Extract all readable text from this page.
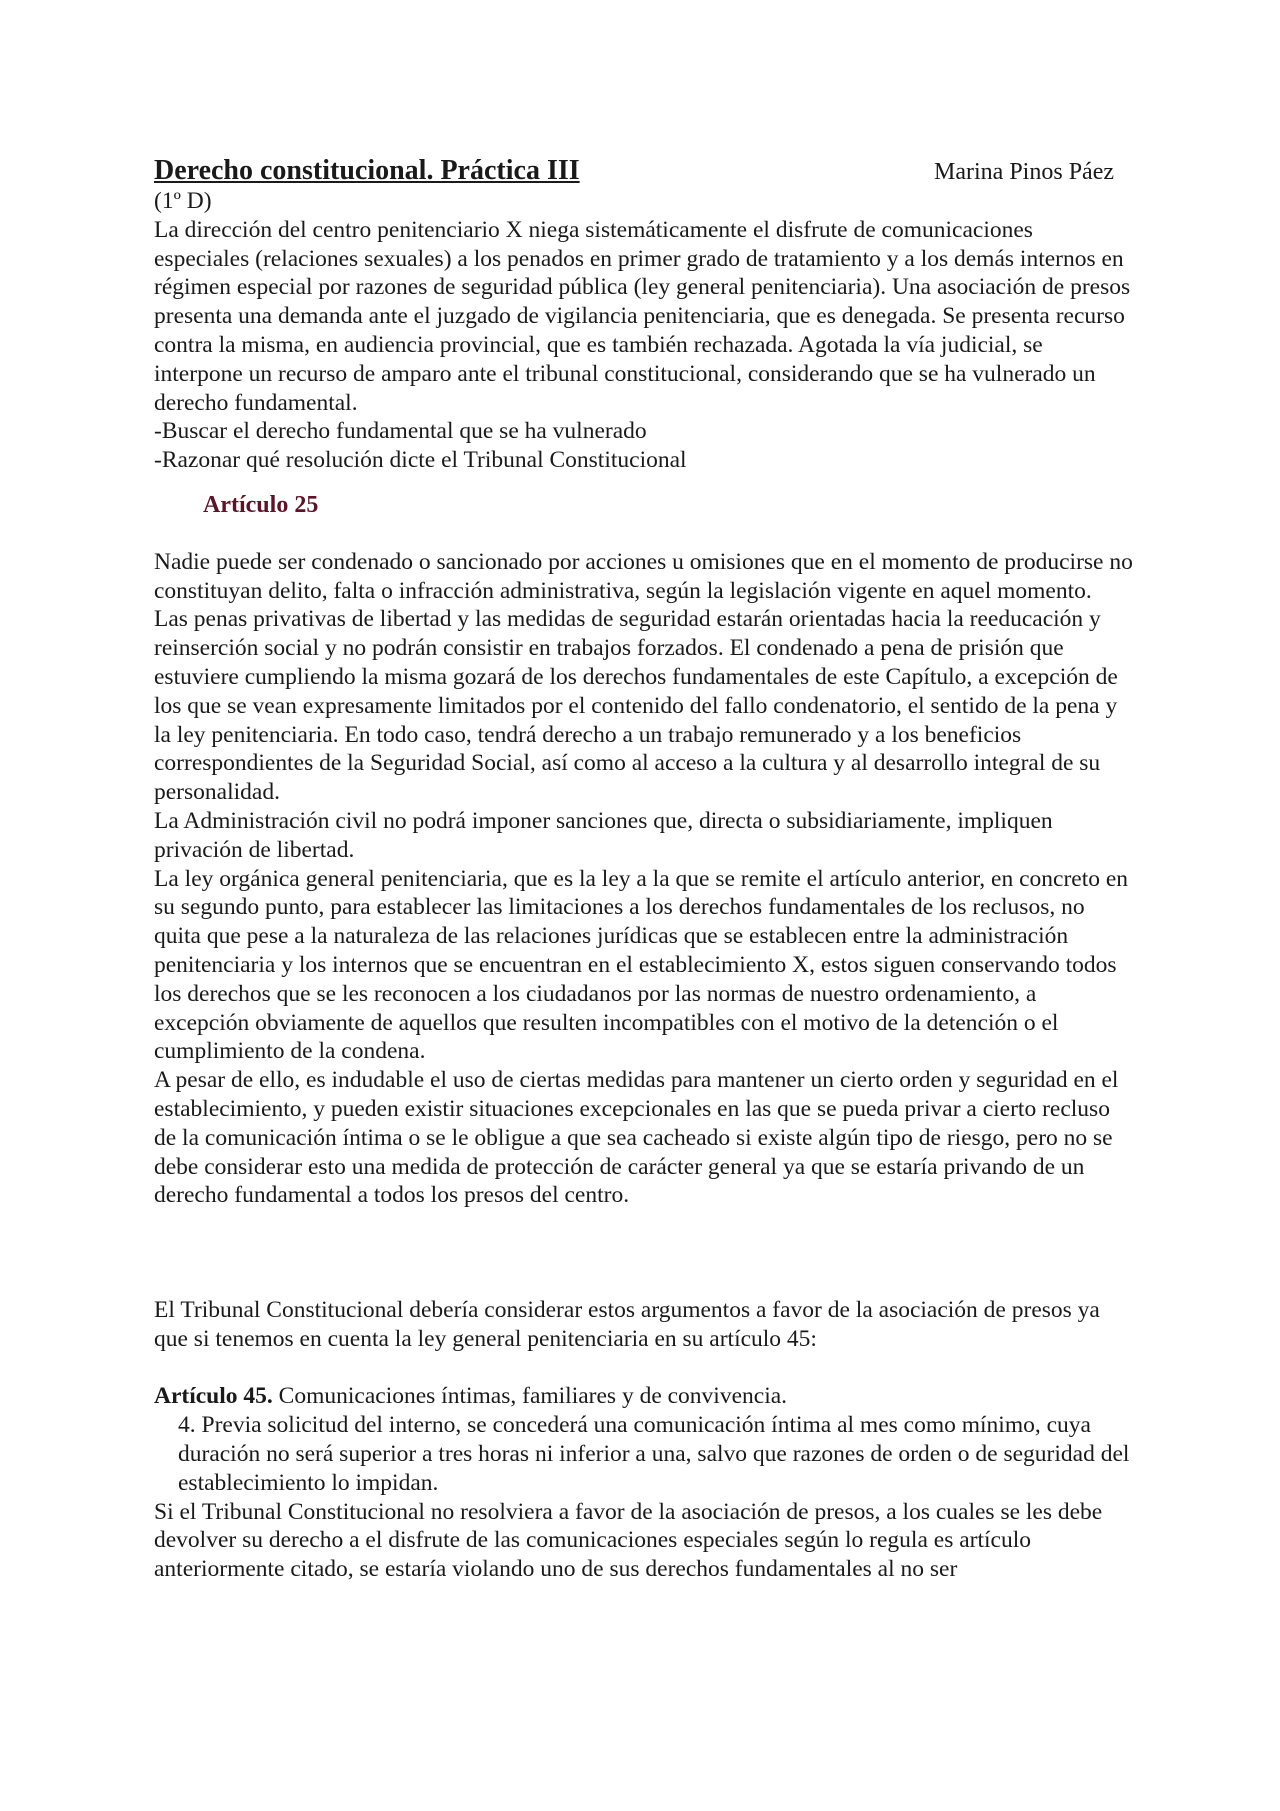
Derecho constitucional. Práctica III	Marina Pinos Páez

(1º D)

La dirección del centro penitenciario X niega sistemáticamente el disfrute de comunicaciones especiales (relaciones sexuales) a los penados en primer grado de tratamiento y a los demás internos en régimen especial por razones de seguridad pública (ley general penitenciaria). Una asociación de presos presenta una demanda ante el juzgado de vigilancia penitenciaria, que es denegada. Se presenta recurso contra la misma, en audiencia provincial, que es también rechazada. Agotada la vía judicial, se interpone un recurso de amparo ante el tribunal constitucional, considerando que se ha vulnerado un derecho fundamental.

-Buscar el derecho fundamental que se ha vulnerado

-Razonar qué resolución dicte el Tribunal Constitucional

Artículo 25

Nadie puede ser condenado o sancionado por acciones u omisiones que en el momento de producirse no constituyan delito, falta o infracción administrativa, según la legislación vigente en aquel momento.

Las penas privativas de libertad y las medidas de seguridad estarán orientadas hacia la reeducación y reinserción social y no podrán consistir en trabajos forzados. El condenado a pena de prisión que estuviere cumpliendo la misma gozará de los derechos fundamentales de este Capítulo, a excepción de los que se vean expresamente limitados por el contenido del fallo condenatorio, el sentido de la pena y la ley penitenciaria. En todo caso, tendrá derecho a un trabajo remunerado y a los beneficios correspondientes de la Seguridad Social, así como al acceso a la cultura y al desarrollo integral de su personalidad.

La Administración civil no podrá imponer sanciones que, directa o subsidiariamente, impliquen privación de libertad.

La ley orgánica general penitenciaria, que es la ley a la que se remite el artículo anterior, en concreto en su segundo punto, para establecer las limitaciones a los derechos fundamentales de los reclusos, no quita que pese a la naturaleza de las relaciones jurídicas que se establecen entre la administración penitenciaria y los internos que se encuentran en el establecimiento X, estos siguen conservando todos los derechos que se les reconocen a los ciudadanos por las normas de nuestro ordenamiento, a excepción obviamente de aquellos que resulten incompatibles con el motivo de la detención o el cumplimiento de la condena.

A pesar de ello, es indudable el uso de ciertas medidas para mantener un cierto orden y seguridad en el establecimiento, y pueden existir situaciones excepcionales en las que se pueda privar a cierto recluso de la comunicación íntima o se le obligue a que sea cacheado si existe algún tipo de riesgo, pero no se debe considerar esto una medida de protección de carácter general ya que se estaría privando de un derecho fundamental a todos los presos del centro.

El Tribunal Constitucional debería considerar estos argumentos a favor de la asociación de presos ya que si tenemos en cuenta la ley general penitenciaria en su artículo 45:

Artículo 45. Comunicaciones íntimas, familiares y de convivencia.

4. Previa solicitud del interno, se concederá una comunicación íntima al mes como mínimo, cuya duración no será superior a tres horas ni inferior a una, salvo que razones de orden o de seguridad del establecimiento lo impidan.

Si el Tribunal Constitucional no resolviera a favor de la asociación de presos, a los cuales se les debe devolver su derecho a el disfrute de las comunicaciones especiales según lo regula es artículo anteriormente citado, se estaría violando uno de sus derechos fundamentales al no ser
